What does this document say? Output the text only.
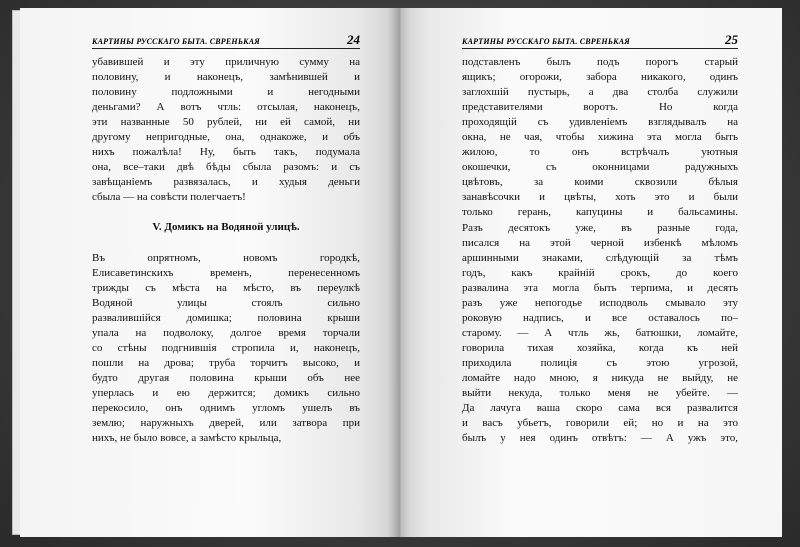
КАРТИНЫ РУССКАГО БЫТА. СВРЕНЬКАЯ	24
убавившей и эту приличную сумму на
половину, и наконецъ, замѣнившей и
половину подложными и негодными
деньгами? А вотъ чтль: отсылая, наконецъ,
эти названные 50 рублей, ни ей самой, ни
другому непригодные, она, однакоже, и объ
нихъ пожалѣла! Ну, быть такъ, подумала
она, все–таки двѣ бѣды сбыла разомъ: и съ
завѣщаніемъ развязалась, и худыя деньги
сбыла — на совѣсти полегчаетъ!
V. Домикъ на Водяной улицѣ.
Въ опрятномъ, новомъ городкѣ,
Елисаветинскихъ временъ, перенесенномъ
трижды съ мѣста на мѣсто, въ переулкѣ
Водяной улицы стоялъ сильно
развалившійся домишка; половина крыши
упала на подволоку, долгое время торчали
со стѣны подгнившія стропила и, наконецъ,
пошли на дрова; труба торчитъ высоко, и
будто другая половина крыши объ нее
уперлась и ею держится; домикъ сильно
перекосило, онъ однимъ угломъ ушелъ въ
землю; наружныхъ дверей, или затвора при
нихъ, не было вовсе, а замѣсто крыльца,
КАРТИНЫ РУССКАГО БЫТА. СВРЕНЬКАЯ	25
подставленъ былъ подъ порогъ старый
ящикъ; огорожи, забора никакого, одинъ
заглохшій пустырь, а два столба служили
представителями воротъ. Но когда
проходящій съ удивленіемъ взглядывалъ на
окна, не чая, чтобы хижина эта могла быть
жилою, то онъ встрѣчалъ уютныя
окошечки, съ оконницами радужныхъ
цвѣтовъ, за коими сквозили бѣлыя
занавѣсочки и цвѣты, хоть это и были
только герань, капуцины и бальсамины.
Разъ десятокъ уже, въ разные года,
писался на этой черной избенкѣ мѣломъ
аршинными знаками, слѣдующій за тѣмъ
годъ, какъ крайній срокъ, до коего
развалина эта могла быть терпима, и десять
разъ уже непогодье исподволь смывало эту
роковую надпись, и все оставалось по–
старому. — А чтль жь, батюшки, ломайте,
говорила тихая хозяйка, когда къ ней
приходила полиція съ этою угрозой,
ломайте надо мною, я никуда не выйду, не
выйти некуда, только меня не убейте. —
Да лачуга ваша скоро сама вся развалится
и васъ убьетъ, говорили ей; но и на это
былъ у нея одинъ отвѣтъ: — А ужъ это,
